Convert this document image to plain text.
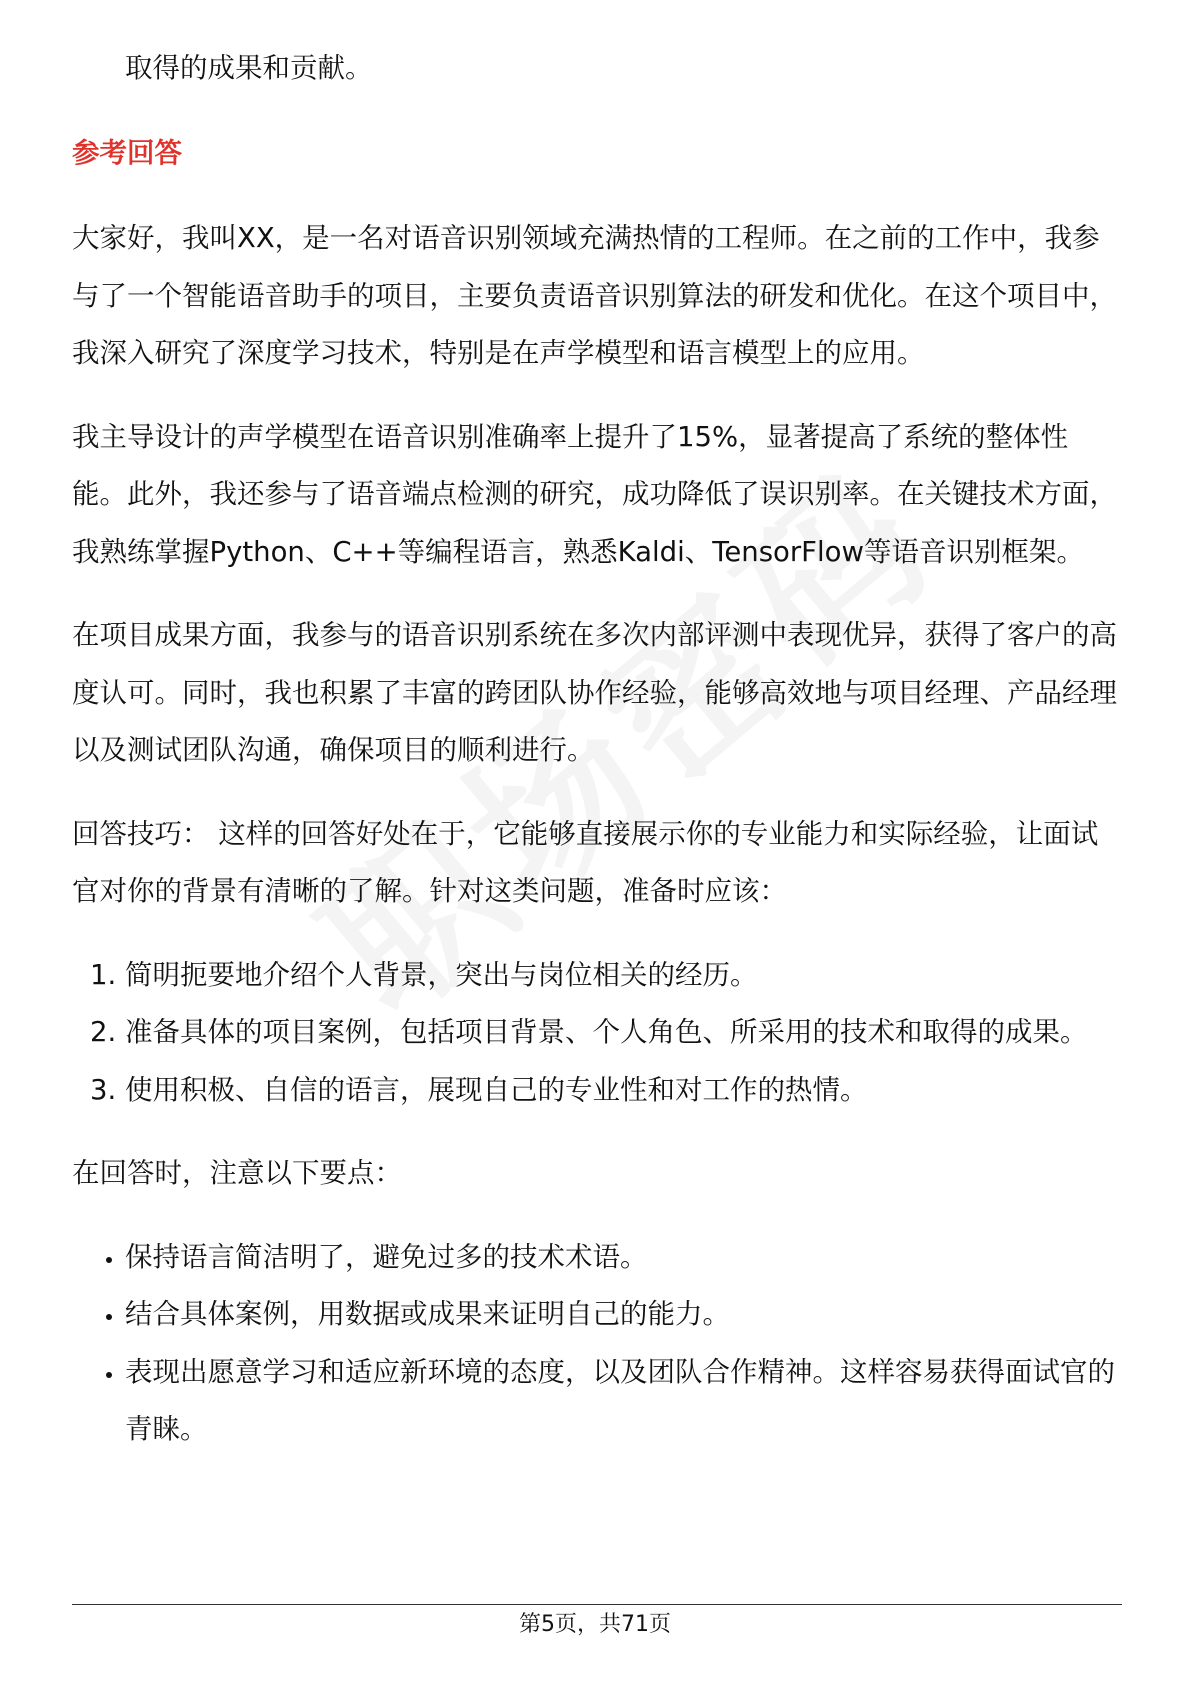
取得的成果和贡献。
参考回答

大家好，我叫XX，是一名对语音识别领域充满热情的工程师。在之前的工作中，我参与了一个智能语音助手的项目，主要负责语音识别算法的研发和优化。在这个项目中，我深入研究了深度学习技术，特别是在声学模型和语言模型上的应用。

我主导设计的声学模型在语音识别准确率上提升了15%，显著提高了系统的整体性能。此外，我还参与了语音端点检测的研究，成功降低了误识别率。在关键技术方面，我熟练掌握Python、C++等编程语言，熟悉Kaldi、TensorFlow等语音识别框架。

在项目成果方面，我参与的语音识别系统在多次内部评测中表现优异，获得了客户的高度认可。同时，我也积累了丰富的跨团队协作经验，能够高效地与项目经理、产品经理以及测试团队沟通，确保项目的顺利进行。

回答技巧： 这样的回答好处在于，它能够直接展示你的专业能力和实际经验，让面试官对你的背景有清晰的了解。针对这类问题，准备时应该：

1. 简明扼要地介绍个人背景，突出与岗位相关的经历。
2. 准备具体的项目案例，包括项目背景、个人角色、所采用的技术和取得的成果。
3. 使用积极、自信的语言，展现自己的专业性和对工作的热情。

在回答时，注意以下要点：

• 保持语言简洁明了，避免过多的技术术语。
• 结合具体案例，用数据或成果来证明自己的能力。
• 表现出愿意学习和适应新环境的态度，以及团队合作精神。这样容易获得面试官的青睐。
第5页，共71页
